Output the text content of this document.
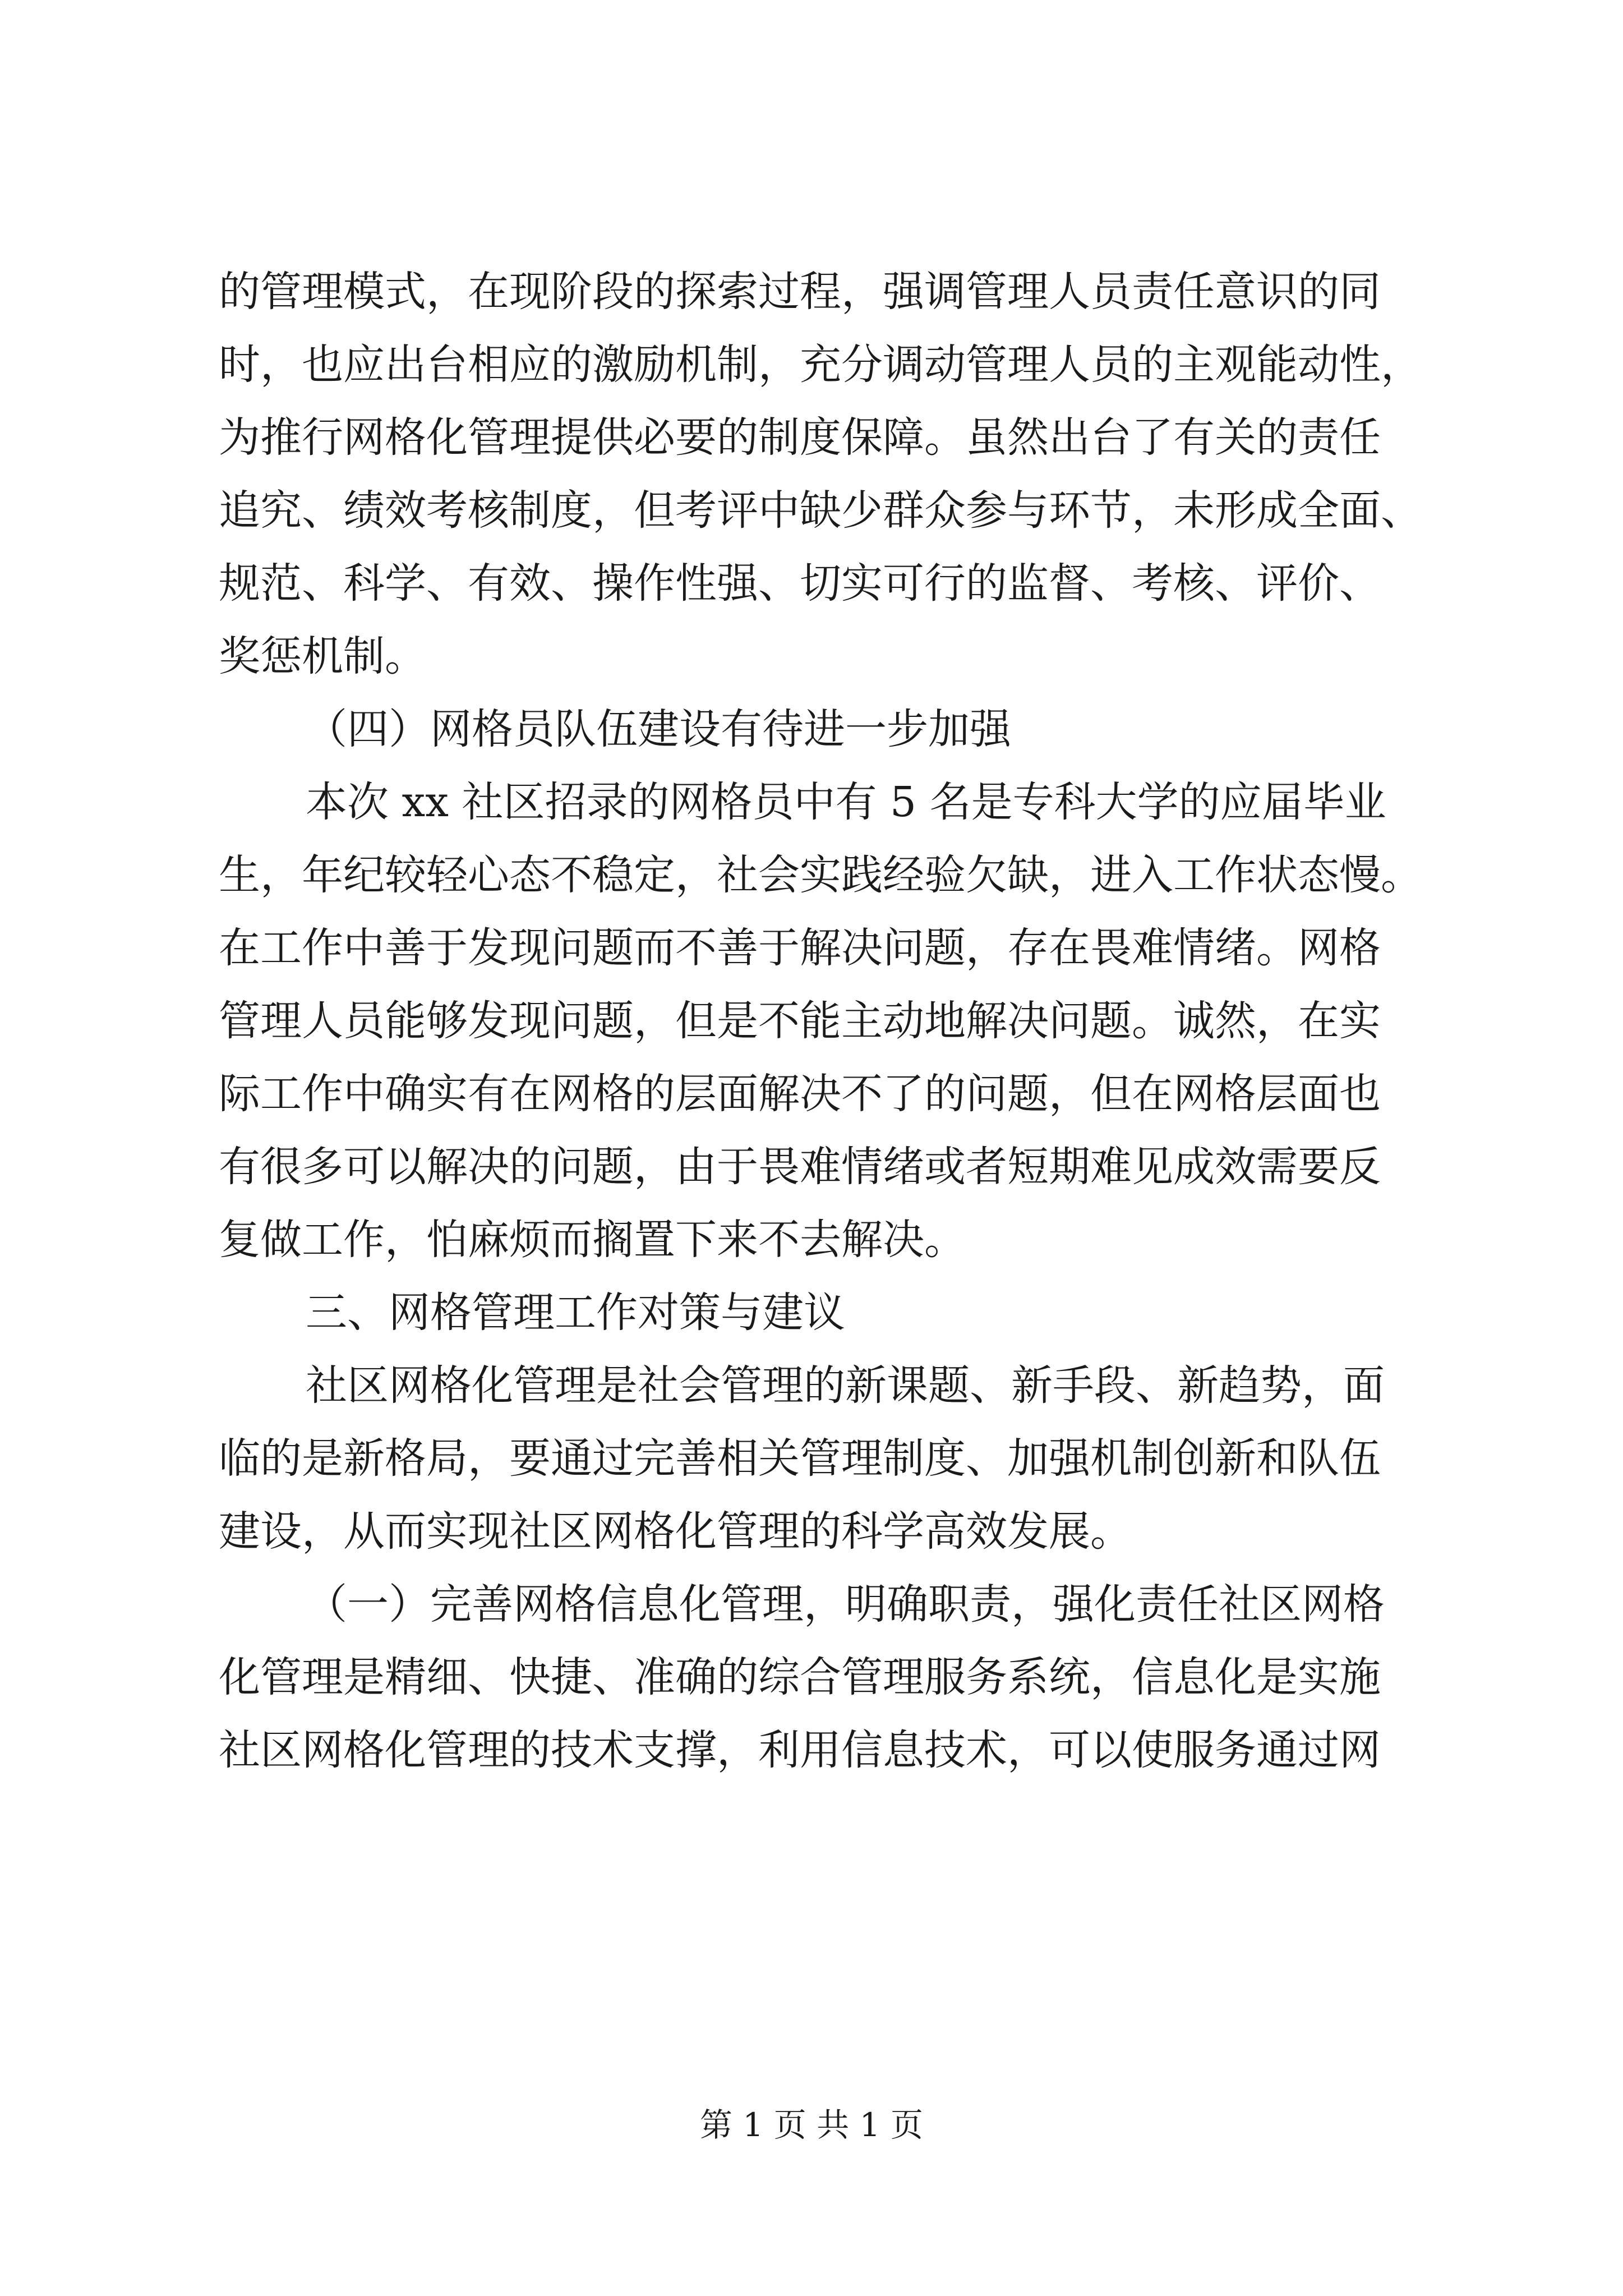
的管理模式，在现阶段的探索过程，强调管理人员责任意识的同
时，也应出台相应的激励机制，充分调动管理人员的主观能动性，
为推行网格化管理提供必要的制度保障。虽然出台了有关的责任
追究、绩效考核制度，但考评中缺少群众参与环节，未形成全面、
规范、科学、有效、操作性强、切实可行的监督、考核、评价、
奖惩机制。
（四）网格员队伍建设有待进一步加强
本次 xx 社区招录的网格员中有 5 名是专科大学的应届毕业
生，年纪较轻心态不稳定，社会实践经验欠缺，进入工作状态慢。
在工作中善于发现问题而不善于解决问题，存在畏难情绪。网格
管理人员能够发现问题，但是不能主动地解决问题。诚然，在实
际工作中确实有在网格的层面解决不了的问题，但在网格层面也
有很多可以解决的问题，由于畏难情绪或者短期难见成效需要反
复做工作，怕麻烦而搁置下来不去解决。
三、网格管理工作对策与建议
社区网格化管理是社会管理的新课题、新手段、新趋势，面
临的是新格局，要通过完善相关管理制度、加强机制创新和队伍
建设，从而实现社区网格化管理的科学高效发展。
（一）完善网格信息化管理，明确职责，强化责任社区网格
化管理是精细、快捷、准确的综合管理服务系统，信息化是实施
社区网格化管理的技术支撑，利用信息技术，可以使服务通过网
第 1 页 共 1 页
